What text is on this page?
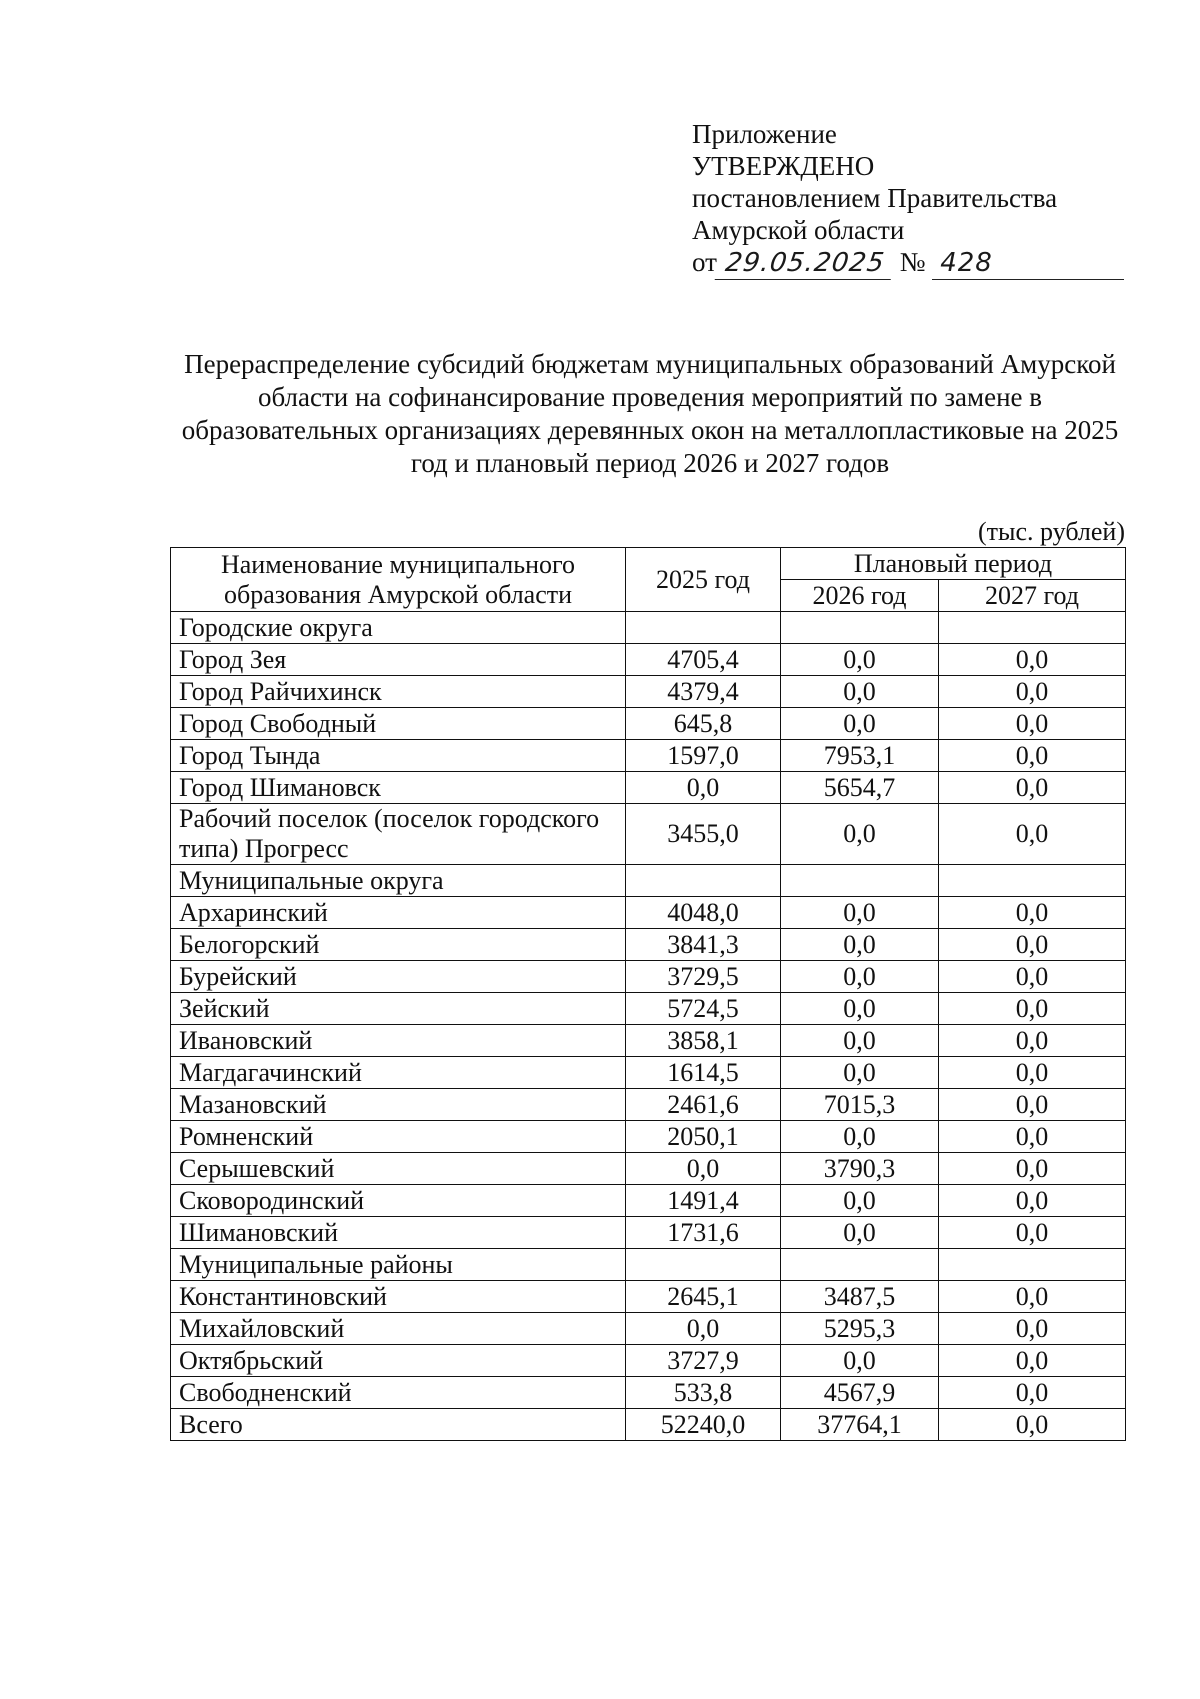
Приложение
УТВЕРЖДЕНО
постановлением Правительства
Амурской области
от 29.05.2025 № 428
Перераспределение субсидий бюджетам муниципальных образований Амурской области на софинансирование проведения мероприятий по замене в образовательных организациях деревянных окон на металлопластиковые на 2025 год и плановый период 2026 и 2027 годов
(тыс. рублей)
Наименование муниципального образования Амурской области	2025 год	Плановый период	
		2026 год	2027 год
Городские округа			
Город Зея	4705,4	0,0	0,0
Город Райчихинск	4379,4	0,0	0,0
Город Свободный	645,8	0,0	0,0
Город Тында	1597,0	7953,1	0,0
Город Шимановск	0,0	5654,7	0,0
Рабочий поселок (поселок городского типа) Прогресс	3455,0	0,0	0,0
Муниципальные округа			
Архаринский	4048,0	0,0	0,0
Белогорский	3841,3	0,0	0,0
Бурейский	3729,5	0,0	0,0
Зейский	5724,5	0,0	0,0
Ивановский	3858,1	0,0	0,0
Магдагачинский	1614,5	0,0	0,0
Мазановский	2461,6	7015,3	0,0
Ромненский	2050,1	0,0	0,0
Серышевский	0,0	3790,3	0,0
Сковородинский	1491,4	0,0	0,0
Шимановский	1731,6	0,0	0,0
Муниципальные районы			
Константиновский	2645,1	3487,5	0,0
Михайловский	0,0	5295,3	0,0
Октябрьский	3727,9	0,0	0,0
Свободненский	533,8	4567,9	0,0
Всего	52240,0	37764,1	0,0
